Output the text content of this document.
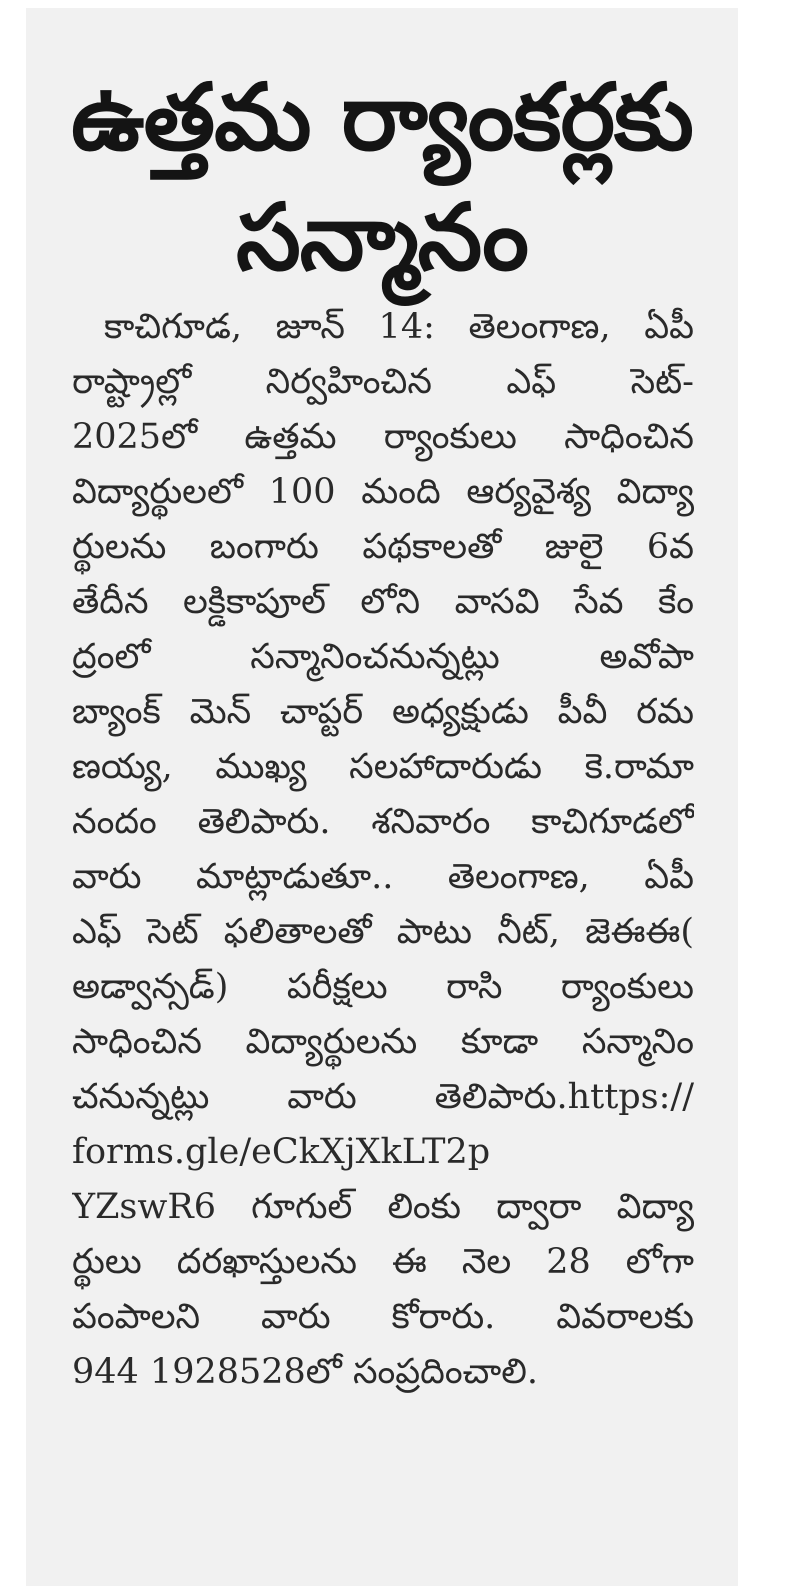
ఉత్తమ ర్యాంకర్లకు
సన్మానం
కాచిగూడ, జూన్ 14: తెలంగాణ, ఏపీ
రాష్ట్రాల్లో నిర్వహించిన ఎఫ్ సెట్-
2025లో ఉత్తమ ర్యాంకులు సాధించిన
విద్యార్థులలో 100 మంది ఆర్యవైశ్య విద్యా
ర్థులను బంగారు పథకాలతో జులై 6వ
తేదీన లక్డికాపూల్ లోని వాసవి సేవ కేం
ద్రంలో సన్మానించనున్నట్లు అవోపా
బ్యాంక్ మెన్ చాప్టర్ అధ్యక్షుడు పీవీ రమ
ణయ్య, ముఖ్య సలహాదారుడు కె.రామా
నందం తెలిపారు. శనివారం కాచిగూడలో
వారు మాట్లాడుతూ.. తెలంగాణ, ఏపీ
ఎఫ్ సెట్ ఫలితాలతో పాటు నీట్, జెఈఈ(
అడ్వాన్సడ్) పరీక్షలు రాసి ర్యాంకులు
సాధించిన విద్యార్థులను కూడా సన్మానిం
చనున్నట్లు వారు తెలిపారు.https://
forms.gle/eCkXjXkLT2p
YZswR6 గూగుల్ లింకు ద్వారా విద్యా
ర్థులు దరఖాస్తులను ఈ నెల 28 లోగా
పంపాలని వారు కోరారు. వివరాలకు
944 1928528లో సంప్రదించాలి.
